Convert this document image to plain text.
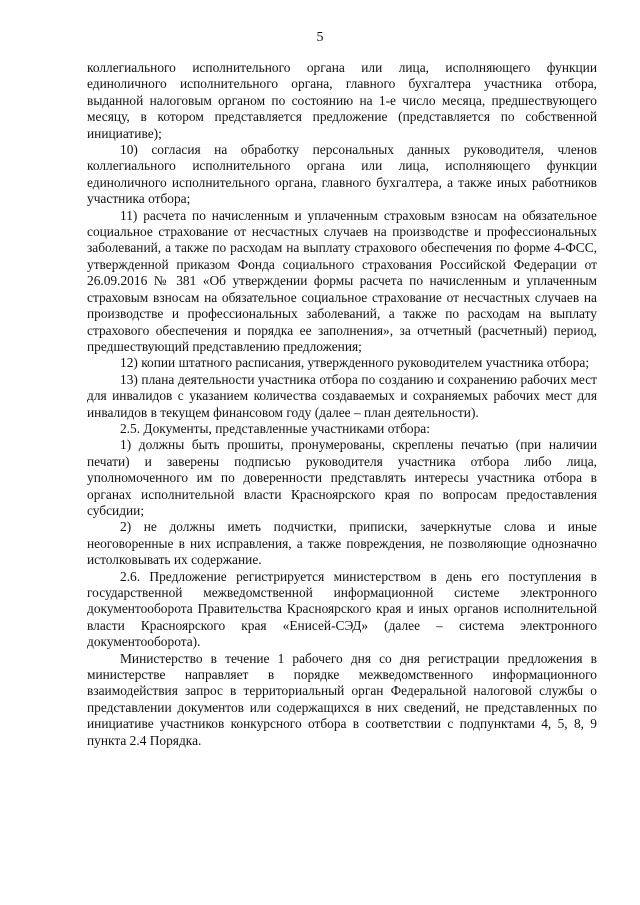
5

коллегиального исполнительного органа или лица, исполняющего функции единоличного исполнительного органа, главного бухгалтера участника отбора, выданной налоговым органом по состоянию на 1-е число месяца, предшествующего месяцу, в котором представляется предложение (представляется по собственной инициативе);

10) согласия на обработку персональных данных руководителя, членов коллегиального исполнительного органа или лица, исполняющего функции единоличного исполнительного органа, главного бухгалтера, а также иных работников участника отбора;

11) расчета по начисленным и уплаченным страховым взносам на обязательное социальное страхование от несчастных случаев на производстве и профессиональных заболеваний, а также по расходам на выплату страхового обеспечения по форме 4-ФСС, утвержденной приказом Фонда социального страхования Российской Федерации от 26.09.2016 № 381 «Об утверждении формы расчета по начисленным и уплаченным страховым взносам на обязательное социальное страхование от несчастных случаев на производстве и профессиональных заболеваний, а также по расходам на выплату страхового обеспечения и порядка ее заполнения», за отчетный (расчетный) период, предшествующий представлению предложения;

12) копии штатного расписания, утвержденного руководителем участника отбора;

13) плана деятельности участника отбора по созданию и сохранению рабочих мест для инвалидов с указанием количества создаваемых и сохраняемых рабочих мест для инвалидов в текущем финансовом году (далее – план деятельности).

2.5. Документы, представленные участниками отбора:

1) должны быть прошиты, пронумерованы, скреплены печатью (при наличии печати) и заверены подписью руководителя участника отбора либо лица, уполномоченного им по доверенности представлять интересы участника отбора в органах исполнительной власти Красноярского края по вопросам предоставления субсидии;

2) не должны иметь подчистки, приписки, зачеркнутые слова и иные неоговоренные в них исправления, а также повреждения, не позволяющие однозначно истолковывать их содержание.

2.6. Предложение регистрируется министерством в день его поступления в государственной межведомственной информационной системе электронного документооборота Правительства Красноярского края и иных органов исполнительной власти Красноярского края «Енисей-СЭД» (далее – система электронного документооборота).

Министерство в течение 1 рабочего дня со дня регистрации предложения в министерстве направляет в порядке межведомственного информационного взаимодействия запрос в территориальный орган Федеральной налоговой службы о представлении документов или содержащихся в них сведений, не представленных по инициативе участников конкурсного отбора в соответствии с подпунктами 4, 5, 8, 9 пункта 2.4 Порядка.
